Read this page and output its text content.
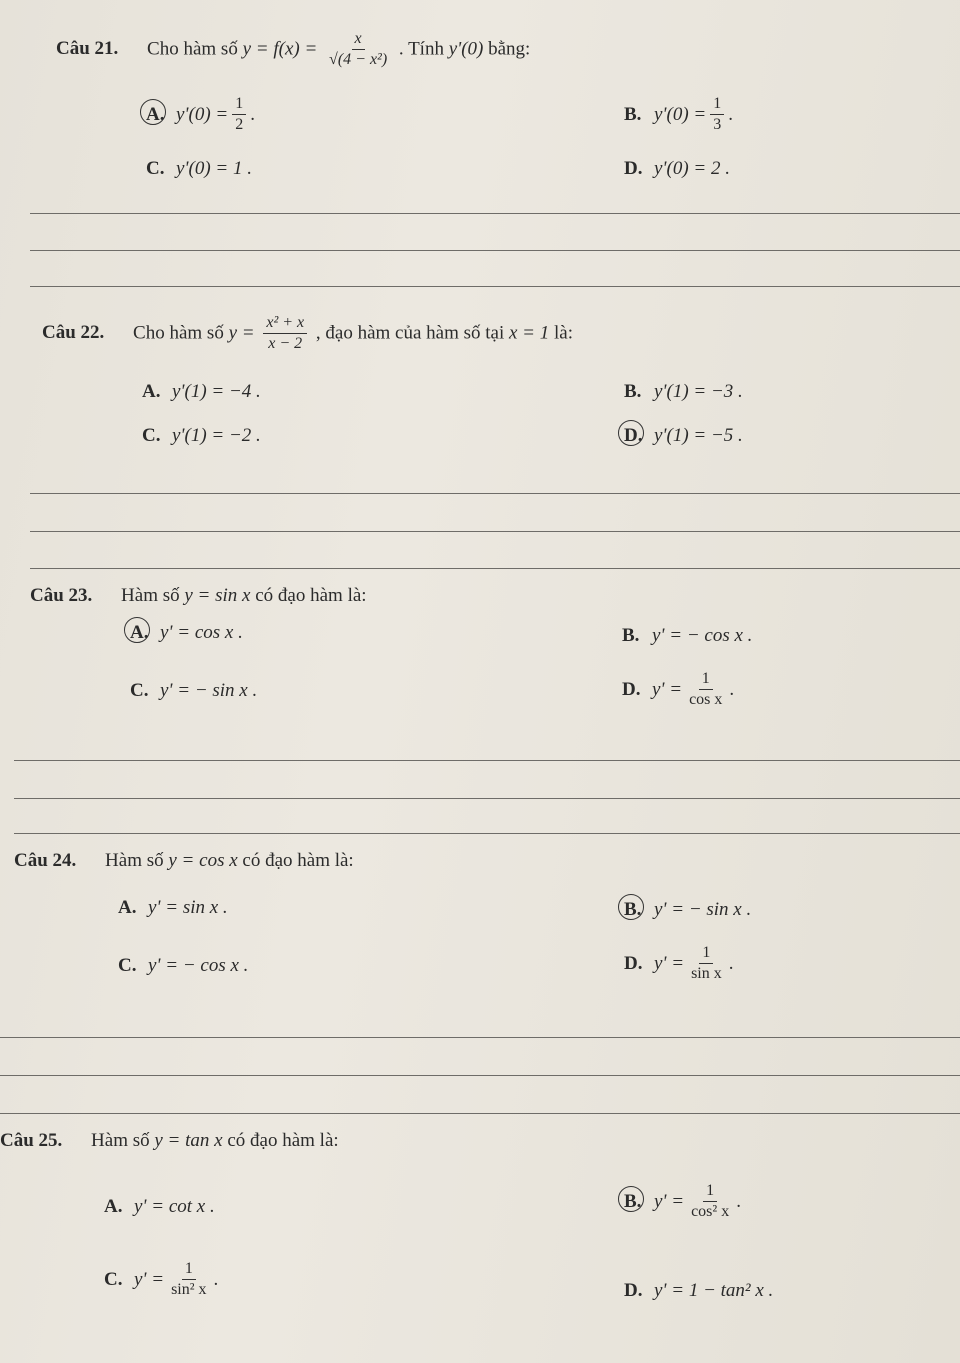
Câu 21. Cho hàm số $y = f(x) = \frac{x}{\text{√(4 − x²)}}$ . Tính y'(0) bằng:
A. $y'(0) = \frac{1}{2}$ .	B. $y'(0) = \frac{1}{3}$ .
C. y'(0) = 1 .	D. y'(0) = 2 .
Câu 22. Cho hàm số $y = \frac{\text{x² + x}}{x - 2}$ , đạo hàm của hàm số tại x = 1 là:
A. y'(1) = −4 .	B. y'(1) = −3 .
C. y'(1) = −2 .	D. y'(1) = −5 .
Câu 23. Hàm số y = sin x có đạo hàm là:
A. y' = cos x .	B. y' = − cos x .
C. y' = − sin x .	D. $y' = \frac{1}{\text{cos x}}$ .
Câu 24. Hàm số y = cos x có đạo hàm là:
A. y' = sin x .	B. y' = − sin x .
C. y' = − cos x .	D. $y' = \frac{1}{\text{sin x}}$ .
Câu 25. Hàm số y = tan x có đạo hàm là:
A. y' = cot x .	B. $y' = \frac{1}{\text{cos² x}}$ .
C. $y' = \frac{1}{\text{sin² x}}$ .
D. y' = 1 − tan² x .
